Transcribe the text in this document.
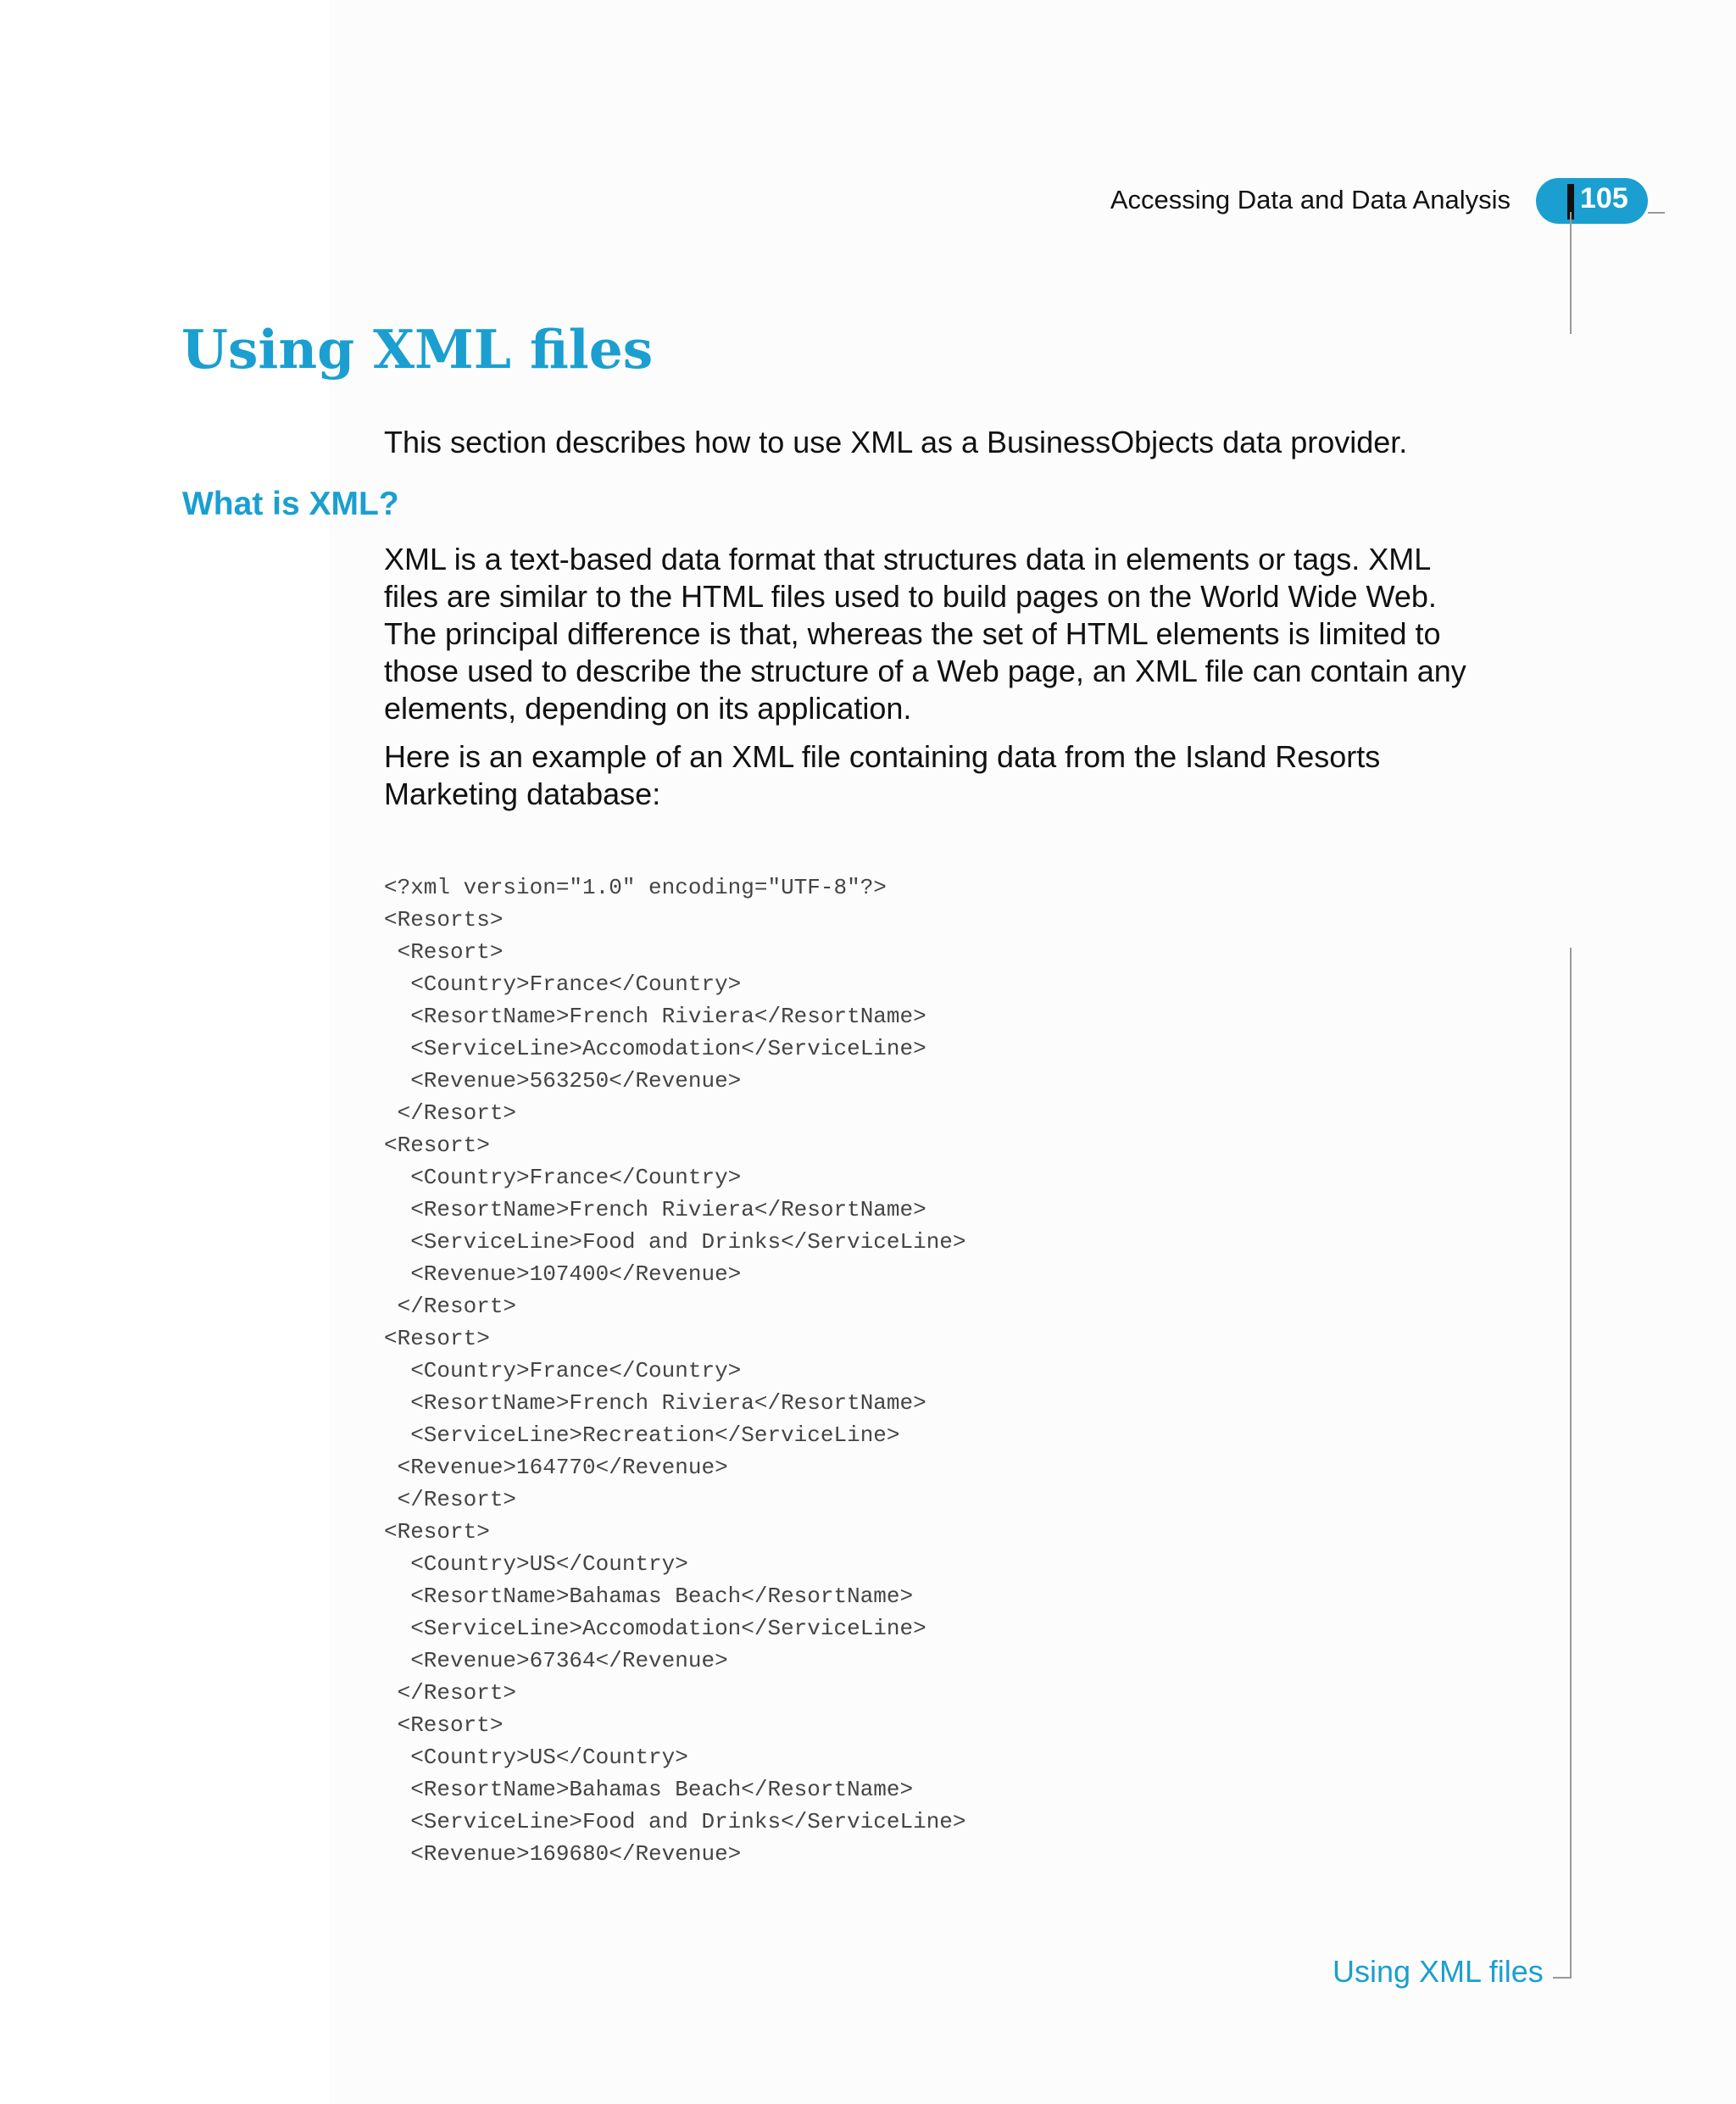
Accessing Data and Data Analysis 105
Using XML files
This section describes how to use XML as a BusinessObjects data provider.
What is XML?

XML is a text-based data format that structures data in elements or tags. XML files are similar to the HTML files used to build pages on the World Wide Web. The principal difference is that, whereas the set of HTML elements is limited to those used to describe the structure of a Web page, an XML file can contain any elements, depending on its application.

Here is an example of an XML file containing data from the Island Resorts Marketing database:

<?xml version="1.0" encoding="UTF-8"?>
<Resorts>
<Resort>
<Country>France</Country>
<ResortName>French Riviera</ResortName>
<ServiceLine>Accomodation</ServiceLine>
<Revenue>563250</Revenue>
</Resort>
<Resort>
<Country>France</Country>
<ResortName>French Riviera</ResortName>
<ServiceLine>Food and Drinks</ServiceLine>
<Revenue>107400</Revenue>
</Resort>
<Resort>
<Country>France</Country>
<ResortName>French Riviera</ResortName>
<ServiceLine>Recreation</ServiceLine>
<Revenue>164770</Revenue>
</Resort>
<Resort>
<Country>US</Country>
<ResortName>Bahamas Beach</ResortName>
<ServiceLine>Accomodation</ServiceLine>
<Revenue>67364</Revenue>
</Resort>
<Resort>
<Country>US</Country>
<ResortName>Bahamas Beach</ResortName>
<ServiceLine>Food and Drinks</ServiceLine>
<Revenue>169680</Revenue>
Using XML files
